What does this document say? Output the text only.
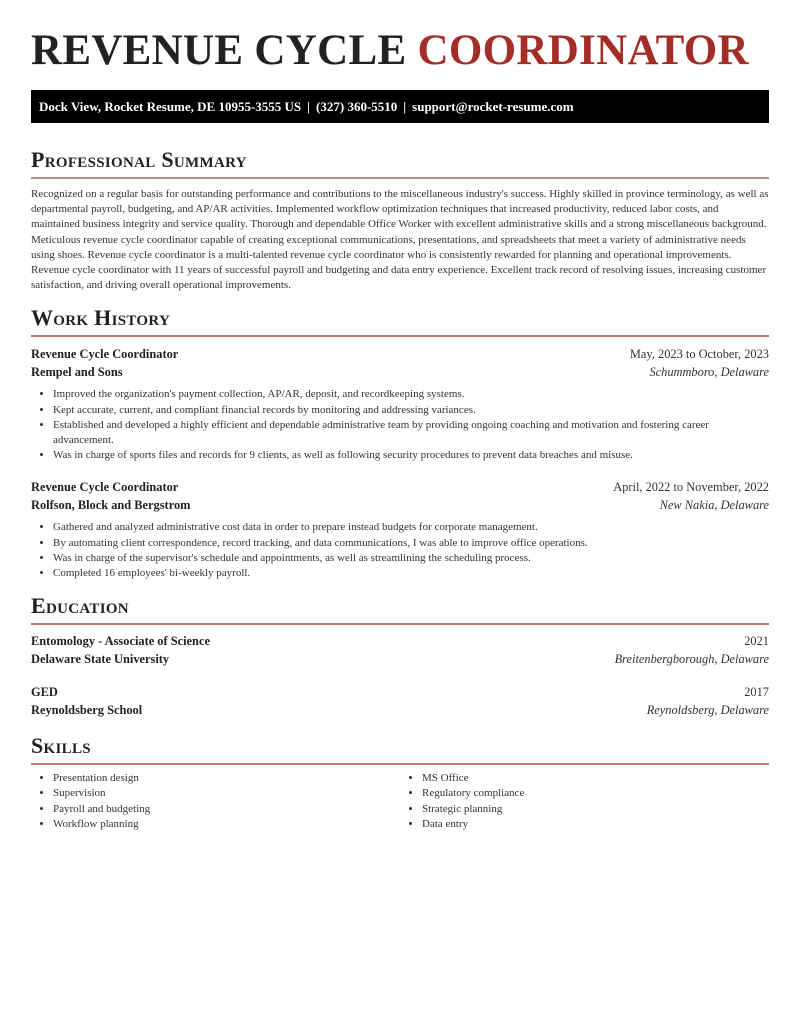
REVENUE CYCLE COORDINATOR
Dock View, Rocket Resume, DE 10955-3555 US | (327) 360-5510 | support@rocket-resume.com
Professional Summary

Recognized on a regular basis for outstanding performance and contributions to the miscellaneous industry's success. Highly skilled in province terminology, as well as departmental payroll, budgeting, and AP/AR activities. Implemented workflow optimization techniques that increased productivity, reduced labor costs, and maintained business integrity and service quality. Thorough and dependable Office Worker with excellent administrative skills and a strong miscellaneous background. Meticulous revenue cycle coordinator capable of creating exceptional communications, presentations, and spreadsheets that meet a variety of administrative needs using shoes. Revenue cycle coordinator is a multi-talented revenue cycle coordinator who is consistently rewarded for planning and operational improvements. Revenue cycle coordinator with 11 years of successful payroll and budgeting and data entry experience. Excellent track record of resolving issues, increasing customer satisfaction, and driving overall operational improvements.

Work History
Revenue Cycle Coordinator	May, 2023 to October, 2023
Rempel and Sons	Schummboro, Delaware
• Improved the organization's payment collection, AP/AR, deposit, and recordkeeping systems.
• Kept accurate, current, and compliant financial records by monitoring and addressing variances.
• Established and developed a highly efficient and dependable administrative team by providing ongoing coaching and motivation and fostering career advancement.
• Was in charge of sports files and records for 9 clients, as well as following security procedures to prevent data breaches and misuse.
Revenue Cycle Coordinator	April, 2022 to November, 2022
Rolfson, Block and Bergstrom	New Nakia, Delaware
• Gathered and analyzed administrative cost data in order to prepare instead budgets for corporate management.
• By automating client correspondence, record tracking, and data communications, I was able to improve office operations.
• Was in charge of the supervisor's schedule and appointments, as well as streamlining the scheduling process.
• Completed 16 employees' bi-weekly payroll.
Education
Entomology - Associate of Science	2021
Delaware State University	Breitenbergborough, Delaware
GED	2017
Reynoldsberg School	Reynoldsberg, Delaware
Skills
• Presentation design
• Supervision
• Payroll and budgeting
• Workflow planning
• MS Office
• Regulatory compliance
• Strategic planning
• Data entry
